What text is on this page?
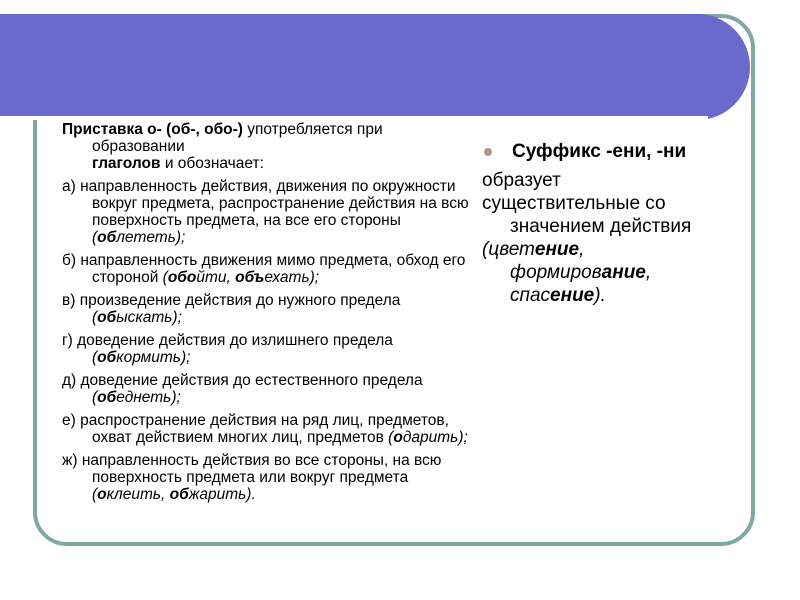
Приставка о- (об-, обо-) употребляется при образовании
глаголов и обозначает:
а) направленность действия, движения по окружности вокруг предмета, распространение действия на всю поверхность предмета, на все его стороны (облететь);
б) направленность движения мимо предмета, обход его стороной (обойти, объехать);
в) произведение действия до нужного предела (обыскать);
г) доведение действия до излишнего предела (обкормить);
д) доведение действия до естественного предела (обеднеть);
е) распространение действия на ряд лиц, предметов, охват действием многих лиц, предметов (одарить);
ж) направленность действия во все стороны, на всю поверхность предмета или вокруг предмета (оклеить, обжарить).
Суффикс -ени, -ни
образует
существительные со
значением действия
(цветение,
формирование,
спасение).
